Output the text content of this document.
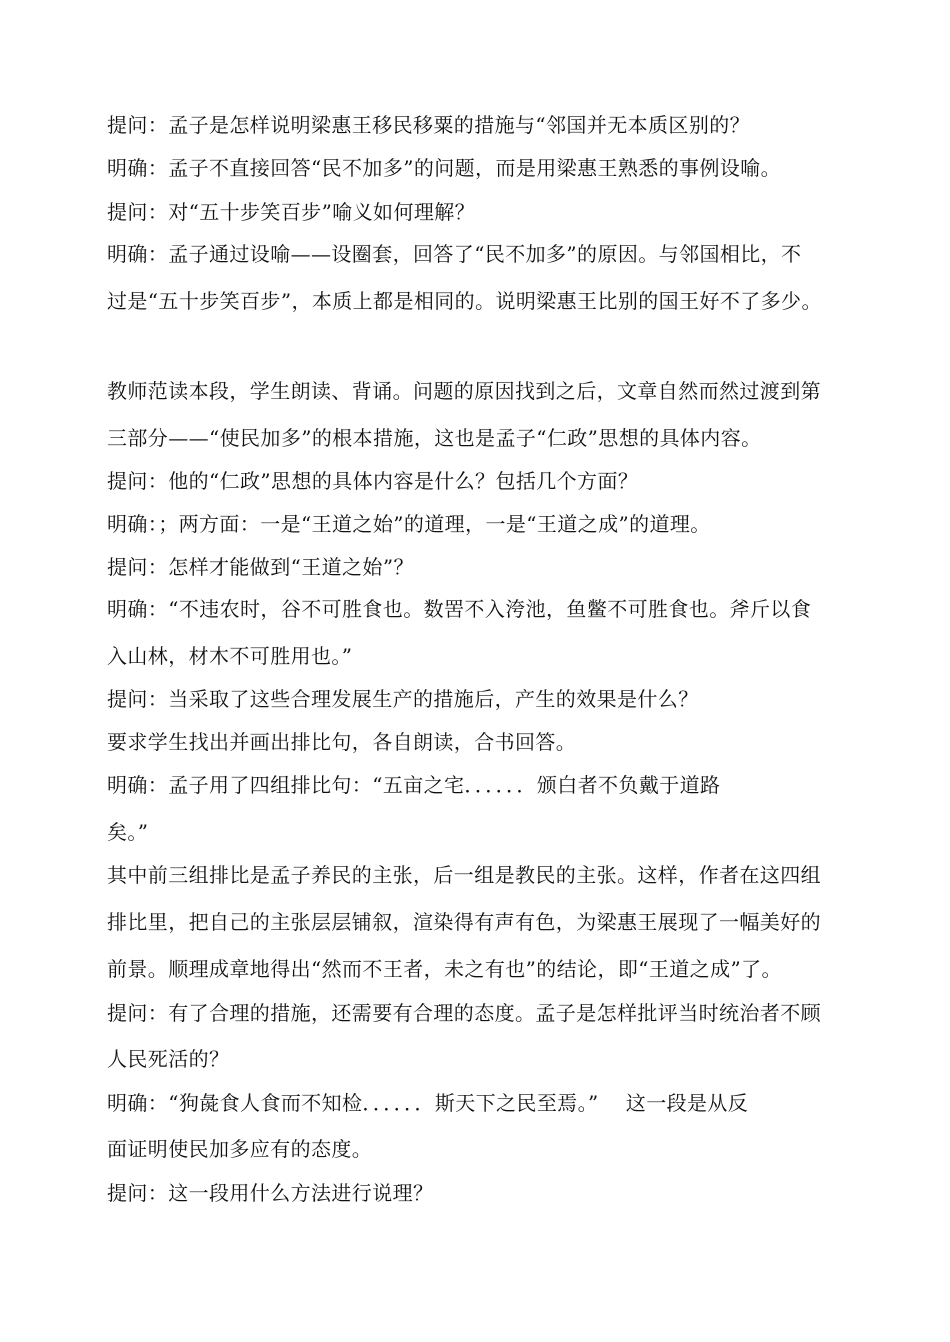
提问：孟子是怎样说明梁惠王移民移粟的措施与“邻国并无本质区别的？
明确：孟子不直接回答“民不加多”的问题，而是用梁惠王熟悉的事例设喻。
提问：对“五十步笑百步”喻义如何理解？
明确：孟子通过设喻——设圈套，回答了“民不加多”的原因。与邻国相比，不
过是“五十步笑百步”，本质上都是相同的。说明梁惠王比别的国王好不了多少。
教师范读本段，学生朗读、背诵。问题的原因找到之后，文章自然而然过渡到第
三部分——“使民加多”的根本措施，这也是孟子“仁政”思想的具体内容。
提问：他的“仁政”思想的具体内容是什么？包括几个方面？
明确：；两方面：一是“王道之始”的道理，一是“王道之成”的道理。
提问：怎样才能做到“王道之始”？
明确：“不违农时，谷不可胜食也。数罟不入洿池，鱼鳖不可胜食也。斧斤以食
入山林，材木不可胜用也。”
提问：当采取了这些合理发展生产的措施后，产生的效果是什么？
要求学生找出并画出排比句，各自朗读，合书回答。
明确：孟子用了四组排比句：“五亩之宅．．．．．．颁白者不负戴于道路
矣。”
其中前三组排比是孟子养民的主张，后一组是教民的主张。这样，作者在这四组
排比里，把自己的主张层层铺叙，渲染得有声有色，为梁惠王展现了一幅美好的
前景。顺理成章地得出“然而不王者，未之有也”的结论，即“王道之成”了。
提问：有了合理的措施，还需要有合理的态度。孟子是怎样批评当时统治者不顾
人民死活的？
明确：“狗彘食人食而不知检．．．．．．斯天下之民至焉。”　 这一段是从反
面证明使民加多应有的态度。
提问：这一段用什么方法进行说理？
